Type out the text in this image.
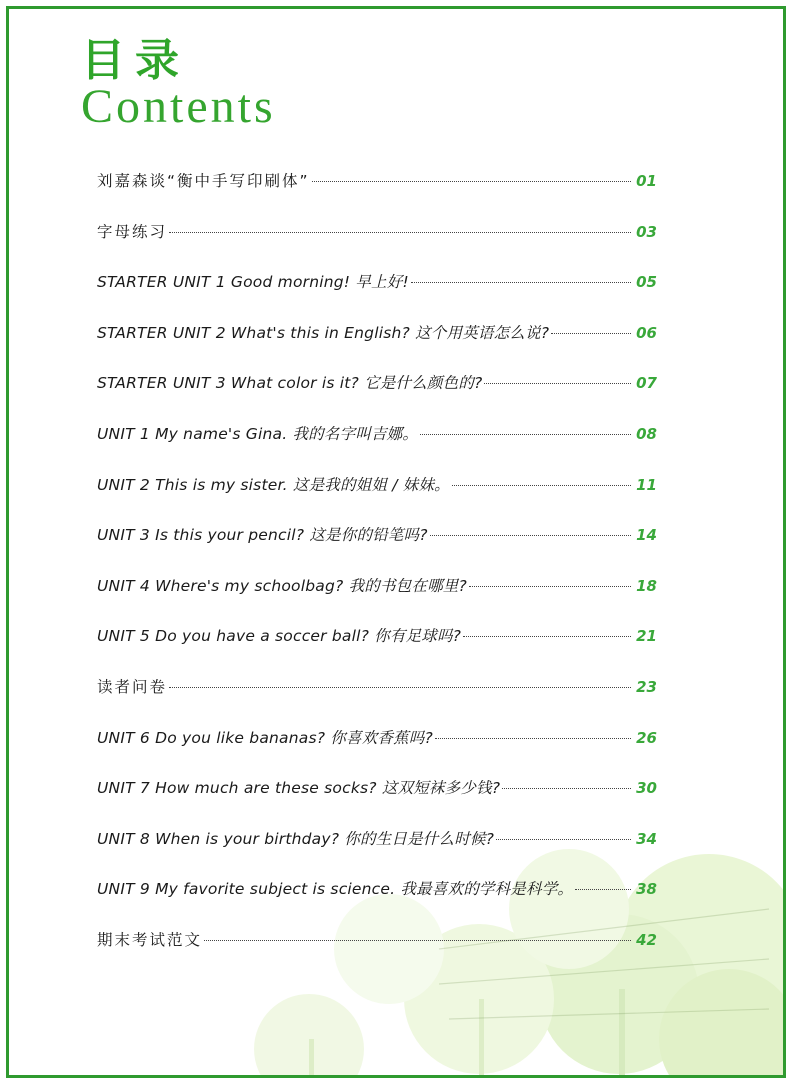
目录
Contents
刘嘉森谈“衡中手写印刷体”	01
字母练习	03
STARTER UNIT 1 Good morning! 早上好!	05
STARTER UNIT 2 What's this in English? 这个用英语怎么说?	06
STARTER UNIT 3 What color is it? 它是什么颜色的?	07
UNIT 1 My name's Gina. 我的名字叫吉娜。	08
UNIT 2 This is my sister. 这是我的姐姐 / 妹妹。	11
UNIT 3 Is this your pencil? 这是你的铅笔吗?	14
UNIT 4 Where's my schoolbag? 我的书包在哪里?	18
UNIT 5 Do you have a soccer ball? 你有足球吗?	21
读者问卷	23
UNIT 6 Do you like bananas? 你喜欢香蕉吗?	26
UNIT 7 How much are these socks? 这双短袜多少钱?	30
UNIT 8 When is your birthday? 你的生日是什么时候?	34
UNIT 9 My favorite subject is science. 我最喜欢的学科是科学。	38
期末考试范文	42
